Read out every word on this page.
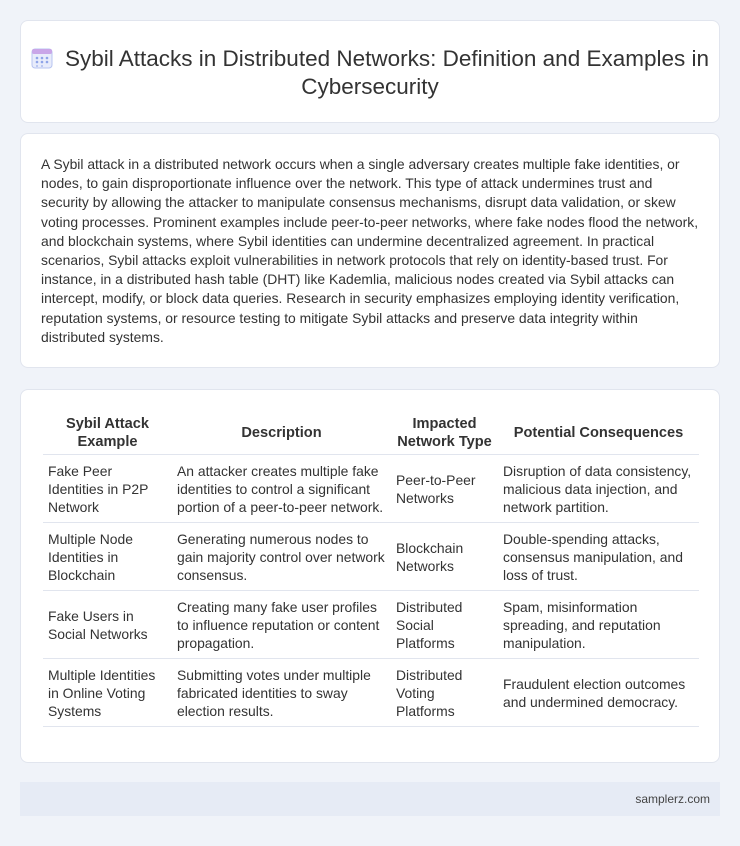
Sybil Attacks in Distributed Networks: Definition and Examples in Cybersecurity

A Sybil attack in a distributed network occurs when a single adversary creates multiple fake identities, or nodes, to gain disproportionate influence over the network. This type of attack undermines trust and security by allowing the attacker to manipulate consensus mechanisms, disrupt data validation, or skew voting processes. Prominent examples include peer-to-peer networks, where fake nodes flood the network, and blockchain systems, where Sybil identities can undermine decentralized agreement. In practical scenarios, Sybil attacks exploit vulnerabilities in network protocols that rely on identity-based trust. For instance, in a distributed hash table (DHT) like Kademlia, malicious nodes created via Sybil attacks can intercept, modify, or block data queries. Research in security emphasizes employing identity verification, reputation systems, or resource testing to mitigate Sybil attacks and preserve data integrity within distributed systems.

Sybil Attack Example	Description	Impacted Network Type	Potential Consequences
Fake Peer Identities in P2P Network	An attacker creates multiple fake identities to control a significant portion of a peer-to-peer network.	Peer-to-Peer Networks	Disruption of data consistency, malicious data injection, and network partition.
Multiple Node Identities in Blockchain	Generating numerous nodes to gain majority control over network consensus.	Blockchain Networks	Double-spending attacks, consensus manipulation, and loss of trust.
Fake Users in Social Networks	Creating many fake user profiles to influence reputation or content propagation.	Distributed Social Platforms	Spam, misinformation spreading, and reputation manipulation.
Multiple Identities in Online Voting Systems	Submitting votes under multiple fabricated identities to sway election results.	Distributed Voting Platforms	Fraudulent election outcomes and undermined democracy.
samplerz.com
